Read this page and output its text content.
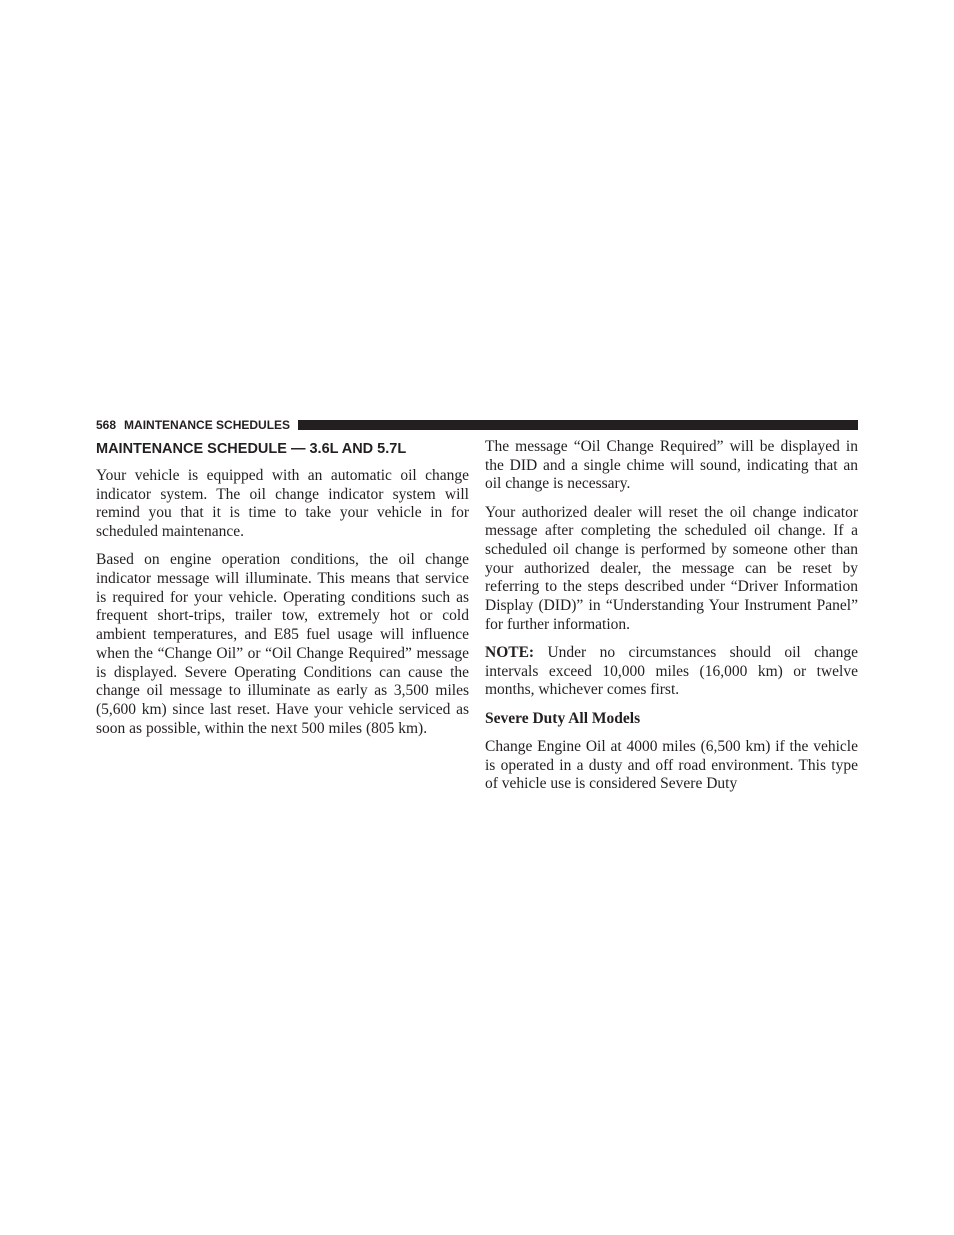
568 MAINTENANCE SCHEDULES
MAINTENANCE SCHEDULE — 3.6L AND 5.7L

Your vehicle is equipped with an automatic oil change indicator system. The oil change indicator system will remind you that it is time to take your vehicle in for scheduled maintenance.

Based on engine operation conditions, the oil change indicator message will illuminate. This means that service is required for your vehicle. Operating conditions such as frequent short-trips, trailer tow, extremely hot or cold ambient temperatures, and E85 fuel usage will influence when the “Change Oil” or “Oil Change Required” message is displayed. Severe Operating Conditions can cause the change oil message to illuminate as early as 3,500 miles (5,600 km) since last reset. Have your vehicle serviced as soon as possible, within the next 500 miles (805 km).

The message “Oil Change Required” will be displayed in the DID and a single chime will sound, indicating that an oil change is necessary.

Your authorized dealer will reset the oil change indicator message after completing the scheduled oil change. If a scheduled oil change is performed by someone other than your authorized dealer, the message can be reset by referring to the steps described under “Driver Information Display (DID)” in “Understanding Your Instrument Panel” for further information.

NOTE: Under no circumstances should oil change intervals exceed 10,000 miles (16,000 km) or twelve months, whichever comes first.

Severe Duty All Models

Change Engine Oil at 4000 miles (6,500 km) if the vehicle is operated in a dusty and off road environment. This type of vehicle use is considered Severe Duty
